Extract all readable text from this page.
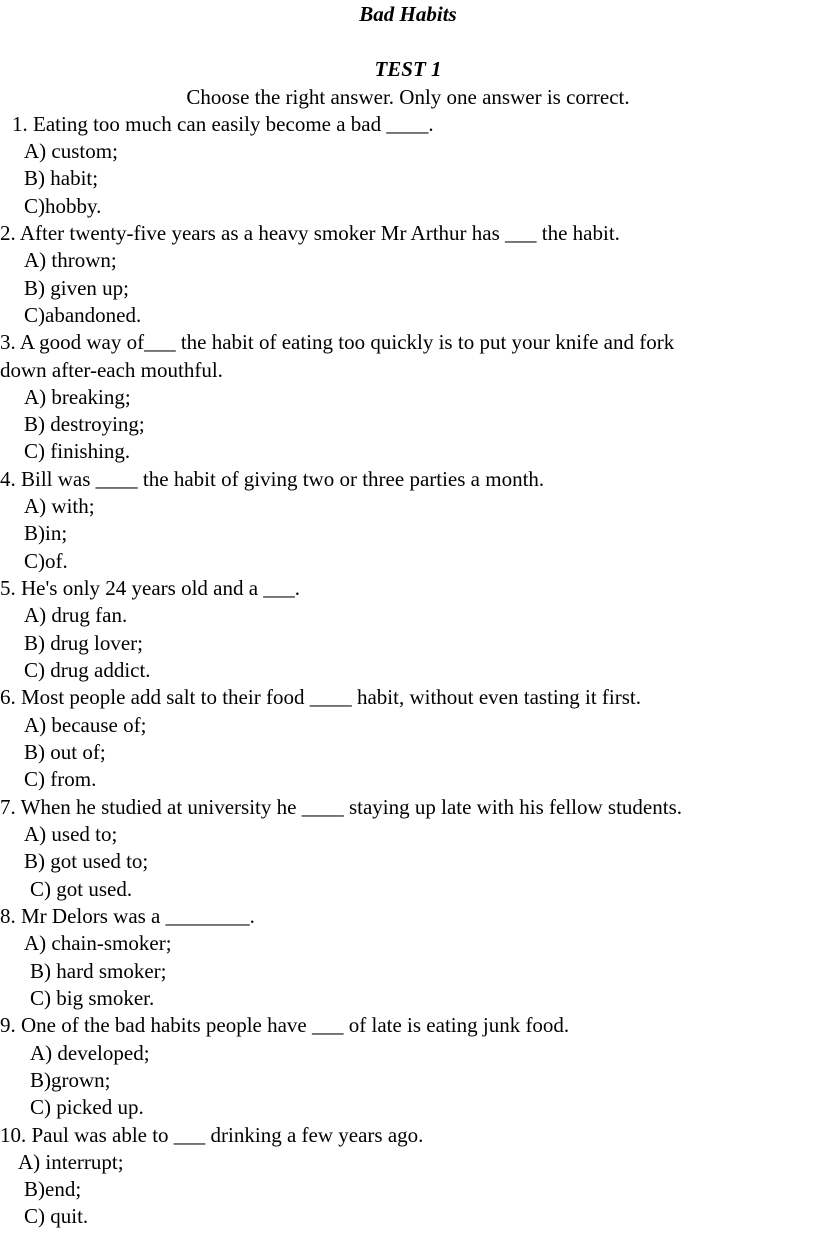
Bad Habits
TEST 1
Choose the right answer. Only one answer is correct.
1. Eating too much can easily become a bad ____.
A) custom;
B) habit;
C)hobby.
2. After twenty-five years as a heavy smoker Mr Arthur has ___ the habit.
A) thrown;
B) given up;
C)abandoned.
3. A good way of___ the habit of eating too quickly is to put your knife and fork
down after-each mouthful.
A) breaking;
B) destroying;
C) finishing.
4. Bill was ____ the habit of giving two or three parties a month.
A) with;
B)in;
C)of.
5. He's only 24 years old and a ___.
A) drug fan.
B) drug lover;
C) drug addict.
6. Most people add salt to their food ____ habit, without even tasting it first.
A) because of;
B) out of;
C) from.
7. When he studied at university he ____ staying up late with his fellow students.
A) used to;
B) got used to;
C) got used.
8. Mr Delors was a ________.
A) chain-smoker;
B) hard smoker;
C) big smoker.
9. One of the bad habits people have ___ of late is eating junk food.
A) developed;
B)grown;
C) picked up.
10. Paul was able to ___ drinking a few years ago.
A) interrupt;
B)end;
C) quit.
